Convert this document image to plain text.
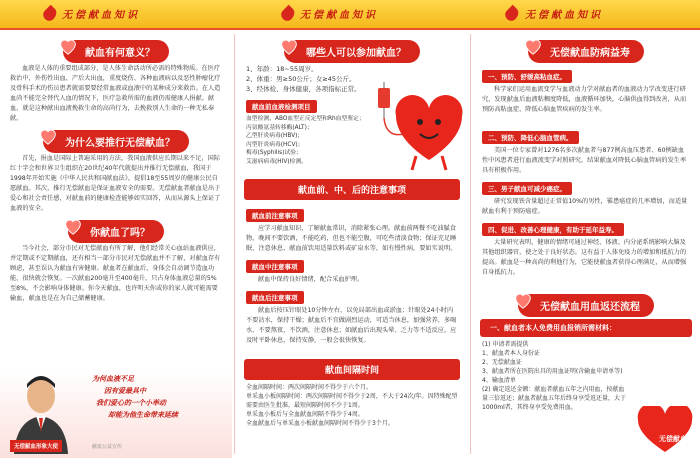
无偿献血知识	无偿献血知识	无偿献血知识
献血有何意义？

血液是人体的重要组成部分，是人体生命活动所必需的特殊物质。在医疗救治中，外伤性出血、产后大出血，重度烧伤、各种血液病以及恶性肿瘤化疗及骨科手术的伤员患者就需要要经常血液或血液中的某种成分来救治。在人造血尚不能完全替代人血的情况下，医疗急救所需的血液仍需健康人捐献。献血，就是这种献出血液挽救生命的高尚行为，去挽救别人生命的一种无私奉献。

为什么要推行无偿献血？

首先，捐血是国际上普遍采用的方法，我国血液供应长期以来不足，国际红十字会和世界卫生组织在20世纪40年代就提出并推行无偿献血，我国于1998年开始实施《中华人民共和国献血法》，提倡18至55周岁的健康公民自愿献血。其次，推行无偿献血是保证血液安全的需要。无偿献血者献血是出于爱心和社会责任感，对献血前的健康检查能够如实回答，从而从源头上保证了血液的安全。

你献血了吗？

当今社会，部分市民对无偿献血有所了解，他们经常关心血站血液供应，并定期或不定期献血，还有相当一部分市民对无偿献血并不了解，对献血存有顾虑，甚至误认为献血有害健康。献血者在献血后，身体会自动调节造血功能，很快就会恢复。一次献血200毫升至400毫升，只占身体血液总量的5%至8%，不会影响身体健康。你今天献血，也许明天你或你的家人就可能需要输血，献血也是在为自己储蓄健康。

为何血液不足
因有爱最具中
我们爱心的一个小举动
却能为他生命带来延续
无偿献血形象大使	献血公益宣传
哪些人可以参加献血？

1、年龄：18~55周岁。

2、体重：男≥50公斤；女≥45公斤。

3、经体检、身体健康，各项指标正常。

献血前血液检测项目

血型检测、ABO血型正反定型和Rh血型鉴定；

丙氨酸氨基转移酶(ALT)；

乙型肝炎病毒(HBV)；

丙型肝炎病毒(HCV)；

梅毒(Syphilis)试验；

艾滋病病毒(HIV)检测。

献血前、中、后的注意事项
献血前注意事项

应学习献血知识，了解献血常识，消除紧张心理。献血前两餐不吃油腻食物，晚间不要饮酒，不能吃药，但也不能空腹，可吃些清淡食物；保证充足睡眠，注意休息，献血前饮用适量饮料或矿泉水等，如有慢性病，要如实说明。

献血中注意事项

献血中保持良好情绪，配合采血护理。

献血后注意事项

献血后按压针眼处10分钟左右，以免局部出血或淤血；针眼处24小时内不要沾水，保持干燥；献血后不宜做剧烈运动，可适当休息，加强营养，多喝水，不要熬夜，不饮酒，注意休息；如献血后出现头晕、乏力等不适反应，应及时平卧休息，保持安静，一般会很快恢复。

献血间隔时间

全血间隔时间：两次间隔时间不得少于六个月。

单采血小板间隔时间：两次间隔时间不得少于2周，不大于24次/年。因特殊配型需要由医生批准，最短间隔时间不少于1周。

单采血小板后与全血献血间隔不得少于4周。

全血献血后与单采血小板献血间隔时间不得少于3个月。

无偿献血防病益寿
一、预防、舒缓高粘血症。

科学家们运用血流变学与血液动力学对献血者的血液动力学改变进行研究，发现献血后血液粘稠度降低，血液循环加快，心脑供血得到改善，从而预防高粘血症，降低心脑血管疾病的发生率。

二、预防、降低心脑血管病。

美国一位专家曾对1276名多次献血者与877例高血压患者、60例缺血性中风患者进行血液流变学对照研究，结果献血对降低心脑血管病的发生率具有积极作用。

三、男子献血可减少癌症。

研究发现铁含量超过正常值10%的男性，罹患癌症的几率增加，而适量献血有利于预防癌症。

四、促进、改善心理健康，有助于延年益寿。

大量研究表明，健康的情绪可通过神经、体液、内分泌系统影响大脑及其他组织器官，使之处于良好状态。这有益于人体免疫力的增加和抵抗力的提高。献血是一种高尚的利他行为，它能使献血者获得心理满足，从而增强自身抵抗力。

无偿献血用血返还流程
一、献血者本人免费用血报销所需材料：

(1) 申请者需提供

1、献血者本人身份证

2、无偿献血证

3、献血者所在医院出具的用血证明(含输血申请单等)

4、输血清单

(2) 确定返还金额：献血者献血五年之内用血，按献血量三倍返还；献血者献血五年后终身享受返还量，大于1000ml者，其终身享受免费用血。

无偿献血
